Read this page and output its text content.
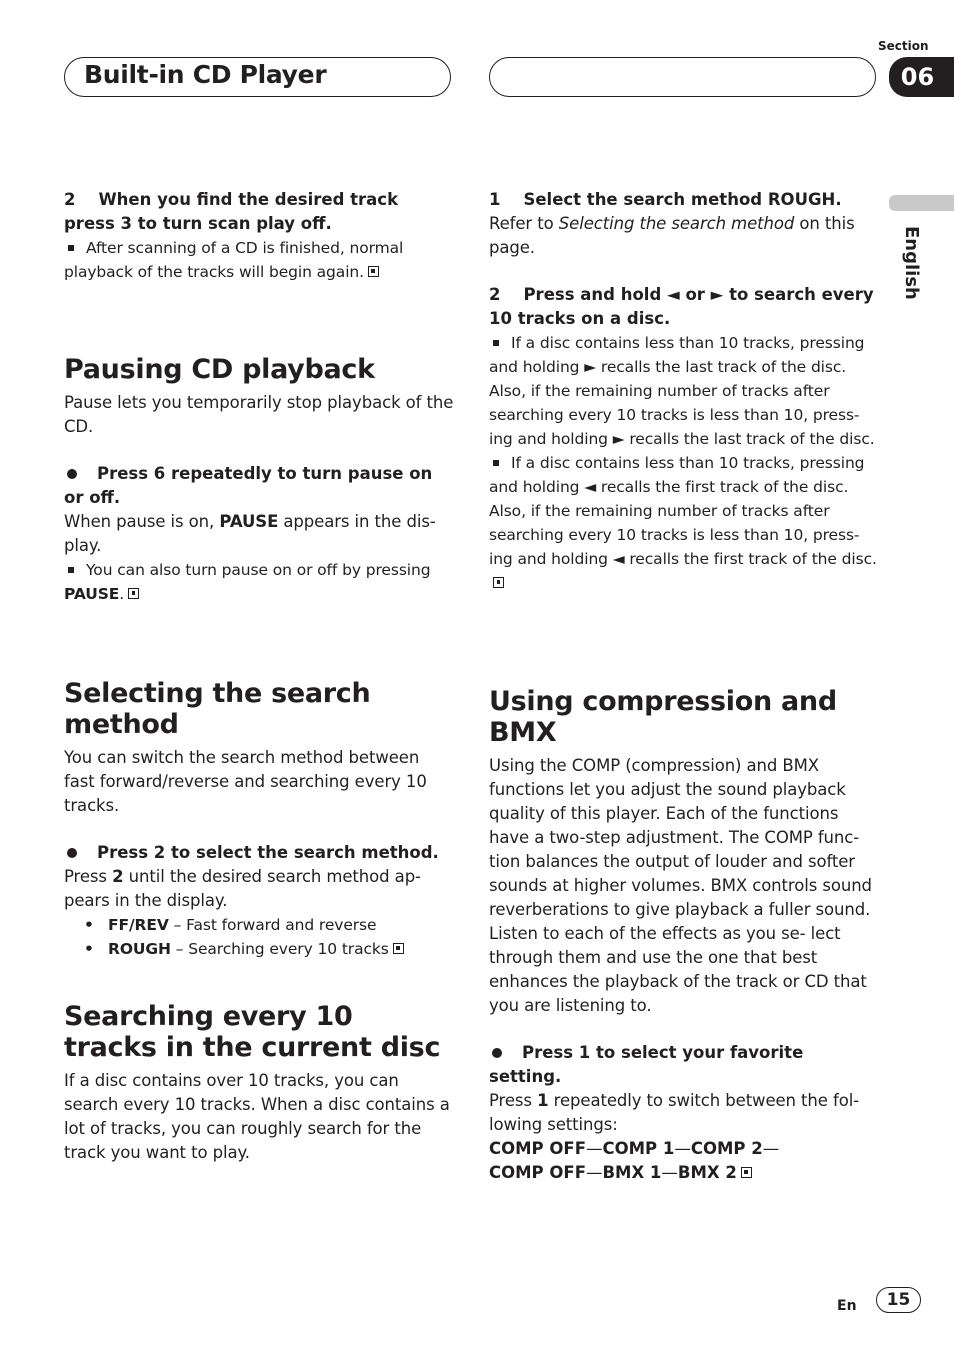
Built-in CD Player
Section
06
English

2 When you find the desired track press 3 to turn scan play off.

After scanning of a CD is finished, normal playback of the tracks will begin again.

Pausing CD playback

Pause lets you temporarily stop playback of the CD.

Press 6 repeatedly to turn pause on or off.

When pause is on, PAUSE appears in the dis- play.

You can also turn pause on or off by pressing PAUSE.

Selecting the search method

You can switch the search method between fast forward/reverse and searching every 10 tracks.

Press 2 to select the search method.

Press 2 until the desired search method ap- pears in the display.

• FF/REV – Fast forward and reverse
• ROUGH – Searching every 10 tracks
Searching every 10 tracks in the current disc

If a disc contains over 10 tracks, you can search every 10 tracks. When a disc contains a lot of tracks, you can roughly search for the track you want to play.

1 Select the search method ROUGH.

Refer to Selecting the search method on this page.

2 Press and hold ◄ or ► to search every 10 tracks on a disc.

If a disc contains less than 10 tracks, pressing and holding ► recalls the last track of the disc. Also, if the remaining number of tracks after searching every 10 tracks is less than 10, press- ing and holding ► recalls the last track of the disc.

If a disc contains less than 10 tracks, pressing and holding ◄ recalls the first track of the disc. Also, if the remaining number of tracks after searching every 10 tracks is less than 10, press- ing and holding ◄ recalls the first track of the disc.

Using compression and BMX

Using the COMP (compression) and BMX functions let you adjust the sound playback quality of this player. Each of the functions have a two-step adjustment. The COMP func- tion balances the output of louder and softer sounds at higher volumes. BMX controls sound reverberations to give playback a fuller sound. Listen to each of the effects as you se- lect through them and use the one that best enhances the playback of the track or CD that you are listening to.

Press 1 to select your favorite setting.

Press 1 repeatedly to switch between the fol- lowing settings:

COMP OFF—COMP 1—COMP 2—

COMP OFF—BMX 1—BMX 2

En	15
